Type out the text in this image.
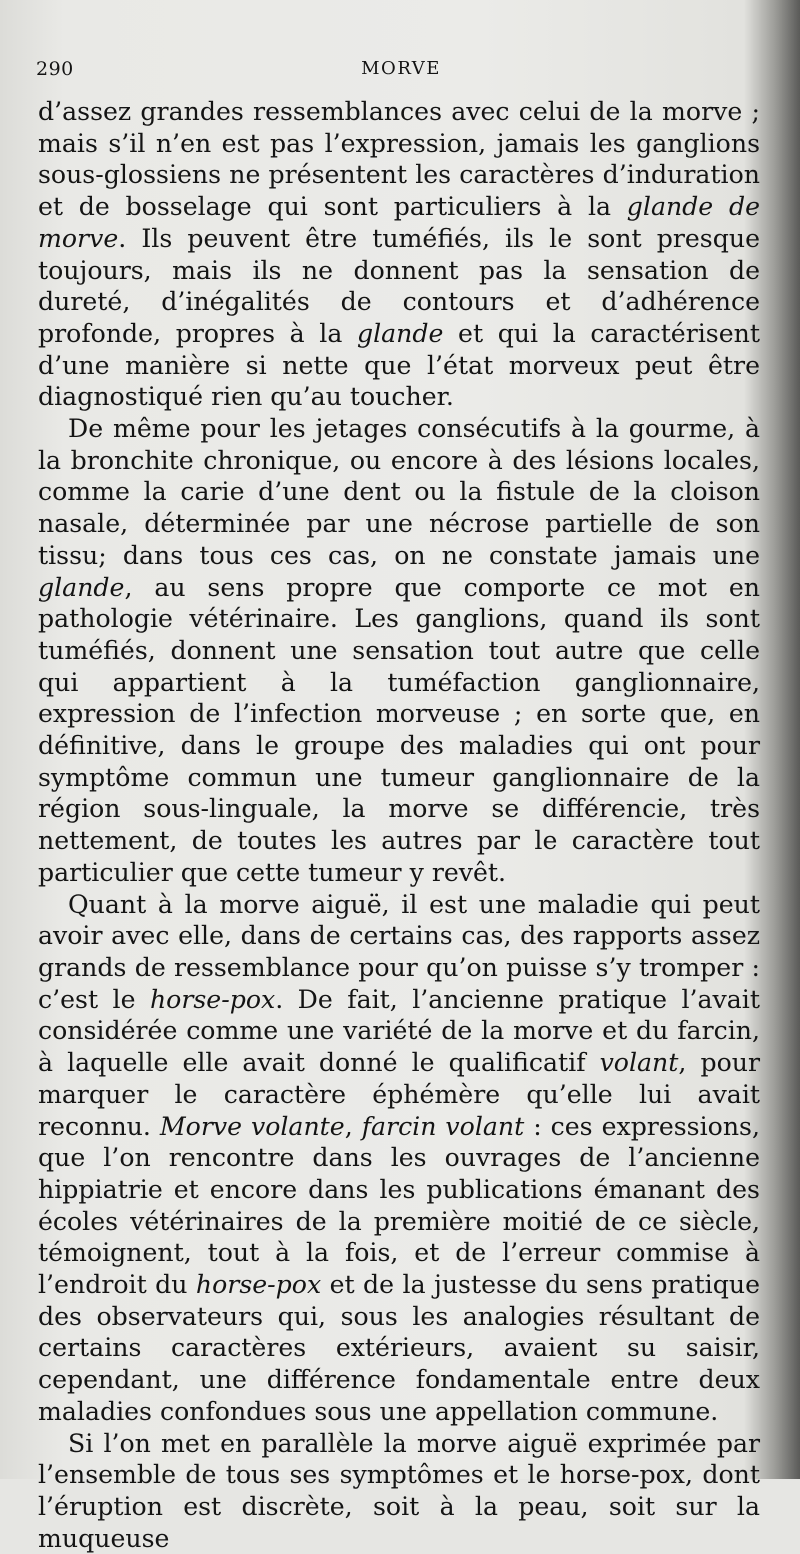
290	MORVE

d’assez grandes ressemblances avec celui de la morve ; mais s’il n’en est pas l’expression, jamais les ganglions sous-glossiens ne présentent les caractères d’induration et de bosselage qui sont particuliers à la glande de morve. Ils peuvent être tuméfiés, ils le sont presque toujours, mais ils ne donnent pas la sensation de dureté, d’inégalités de contours et d’adhérence profonde, propres à la glande et qui la caractérisent d’une manière si nette que l’état morveux peut être diagnostiqué rien qu’au toucher.

De même pour les jetages consécutifs à la gourme, à la bronchite chronique, ou encore à des lésions locales, comme la carie d’une dent ou la fistule de la cloison nasale, déterminée par une nécrose partielle de son tissu; dans tous ces cas, on ne constate jamais une glande, au sens propre que comporte ce mot en pathologie vétérinaire. Les ganglions, quand ils sont tuméfiés, donnent une sensation tout autre que celle qui appartient à la tuméfaction ganglionnaire, expression de l’infection morveuse ; en sorte que, en définitive, dans le groupe des maladies qui ont pour symptôme commun une tumeur ganglionnaire de la région sous-linguale, la morve se différencie, très nettement, de toutes les autres par le caractère tout particulier que cette tumeur y revêt.

Quant à la morve aiguë, il est une maladie qui peut avoir avec elle, dans de certains cas, des rapports assez grands de ressemblance pour qu’on puisse s’y tromper : c’est le horse-pox. De fait, l’ancienne pratique l’avait considérée comme une variété de la morve et du farcin, à laquelle elle avait donné le qualificatif volant, pour marquer le caractère éphémère qu’elle lui avait reconnu. Morve volante, farcin volant : ces expressions, que l’on rencontre dans les ouvrages de l’ancienne hippiatrie et encore dans les publications émanant des écoles vétérinaires de la première moitié de ce siècle, témoignent, tout à la fois, et de l’erreur commise à l’endroit du horse-pox et de la justesse du sens pratique des observateurs qui, sous les analogies résultant de certains caractères extérieurs, avaient su saisir, cependant, une différence fondamentale entre deux maladies confondues sous une appellation commune.

Si l’on met en parallèle la morve aiguë exprimée par l’ensemble de tous ses symptômes et le horse-pox, dont l’éruption est discrète, soit à la peau, soit sur la muqueuse
